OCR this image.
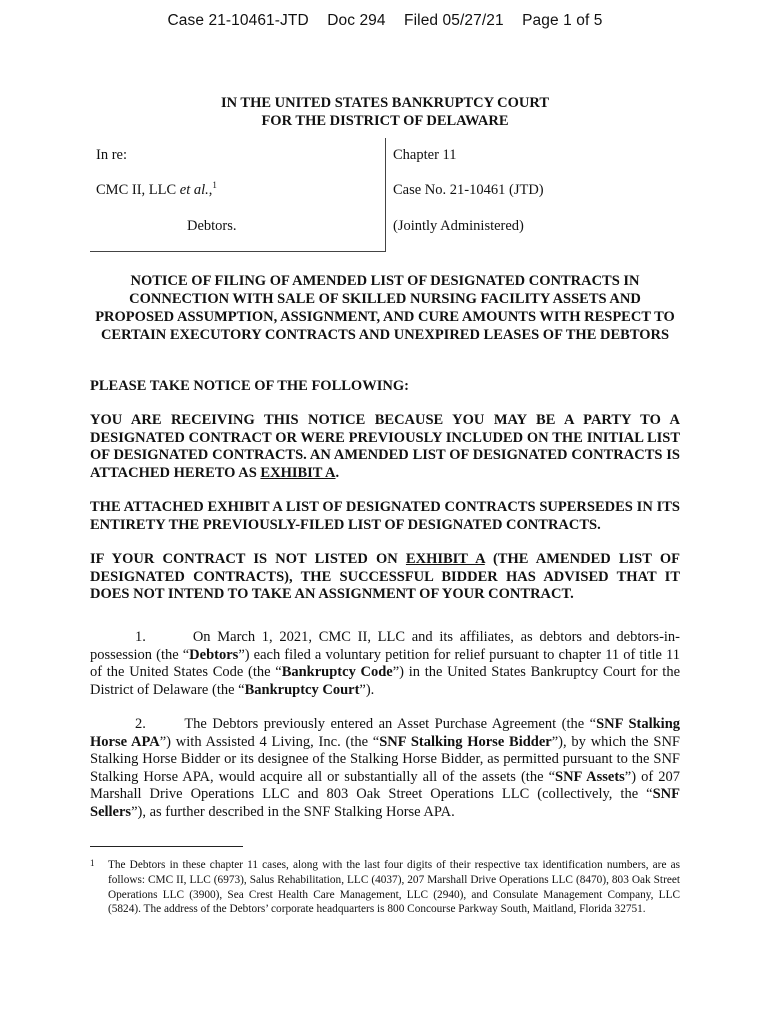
Case 21-10461-JTD Doc 294 Filed 05/27/21 Page 1 of 5
IN THE UNITED STATES BANKRUPTCY COURT
FOR THE DISTRICT OF DELAWARE
In re:
CMC II, LLC et al.,$^1$
Debtors.
Chapter 11
Case No. 21-10461 (JTD)
(Jointly Administered)
NOTICE OF FILING OF AMENDED LIST OF DESIGNATED CONTRACTS IN CONNECTION WITH SALE OF SKILLED NURSING FACILITY ASSETS AND PROPOSED ASSUMPTION, ASSIGNMENT, AND CURE AMOUNTS WITH RESPECT TO CERTAIN EXECUTORY CONTRACTS AND UNEXPIRED LEASES OF THE DEBTORS
PLEASE TAKE NOTICE OF THE FOLLOWING:
YOU ARE RECEIVING THIS NOTICE BECAUSE YOU MAY BE A PARTY TO A DESIGNATED CONTRACT OR WERE PREVIOUSLY INCLUDED ON THE INITIAL LIST OF DESIGNATED CONTRACTS. AN AMENDED LIST OF DESIGNATED CONTRACTS IS ATTACHED HERETO AS EXHIBIT A.
THE ATTACHED EXHIBIT A LIST OF DESIGNATED CONTRACTS SUPERSEDES IN ITS ENTIRETY THE PREVIOUSLY-FILED LIST OF DESIGNATED CONTRACTS.
IF YOUR CONTRACT IS NOT LISTED ON EXHIBIT A (THE AMENDED LIST OF DESIGNATED CONTRACTS), THE SUCCESSFUL BIDDER HAS ADVISED THAT IT DOES NOT INTEND TO TAKE AN ASSIGNMENT OF YOUR CONTRACT.
1.	On March 1, 2021, CMC II, LLC and its affiliates, as debtors and debtors-in-possession (the “Debtors”) each filed a voluntary petition for relief pursuant to chapter 11 of title 11 of the United States Code (the “Bankruptcy Code”) in the United States Bankruptcy Court for the District of Delaware (the “Bankruptcy Court”).
2.	The Debtors previously entered an Asset Purchase Agreement (the “SNF Stalking Horse APA”) with Assisted 4 Living, Inc. (the “SNF Stalking Horse Bidder”), by which the SNF Stalking Horse Bidder or its designee of the Stalking Horse Bidder, as permitted pursuant to the SNF Stalking Horse APA, would acquire all or substantially all of the assets (the “SNF Assets”) of 207 Marshall Drive Operations LLC and 803 Oak Street Operations LLC (collectively, the “SNF Sellers”), as further described in the SNF Stalking Horse APA.
1 The Debtors in these chapter 11 cases, along with the last four digits of their respective tax identification numbers, are as follows: CMC II, LLC (6973), Salus Rehabilitation, LLC (4037), 207 Marshall Drive Operations LLC (8470), 803 Oak Street Operations LLC (3900), Sea Crest Health Care Management, LLC (2940), and Consulate Management Company, LLC (5824). The address of the Debtors’ corporate headquarters is 800 Concourse Parkway South, Maitland, Florida 32751.
